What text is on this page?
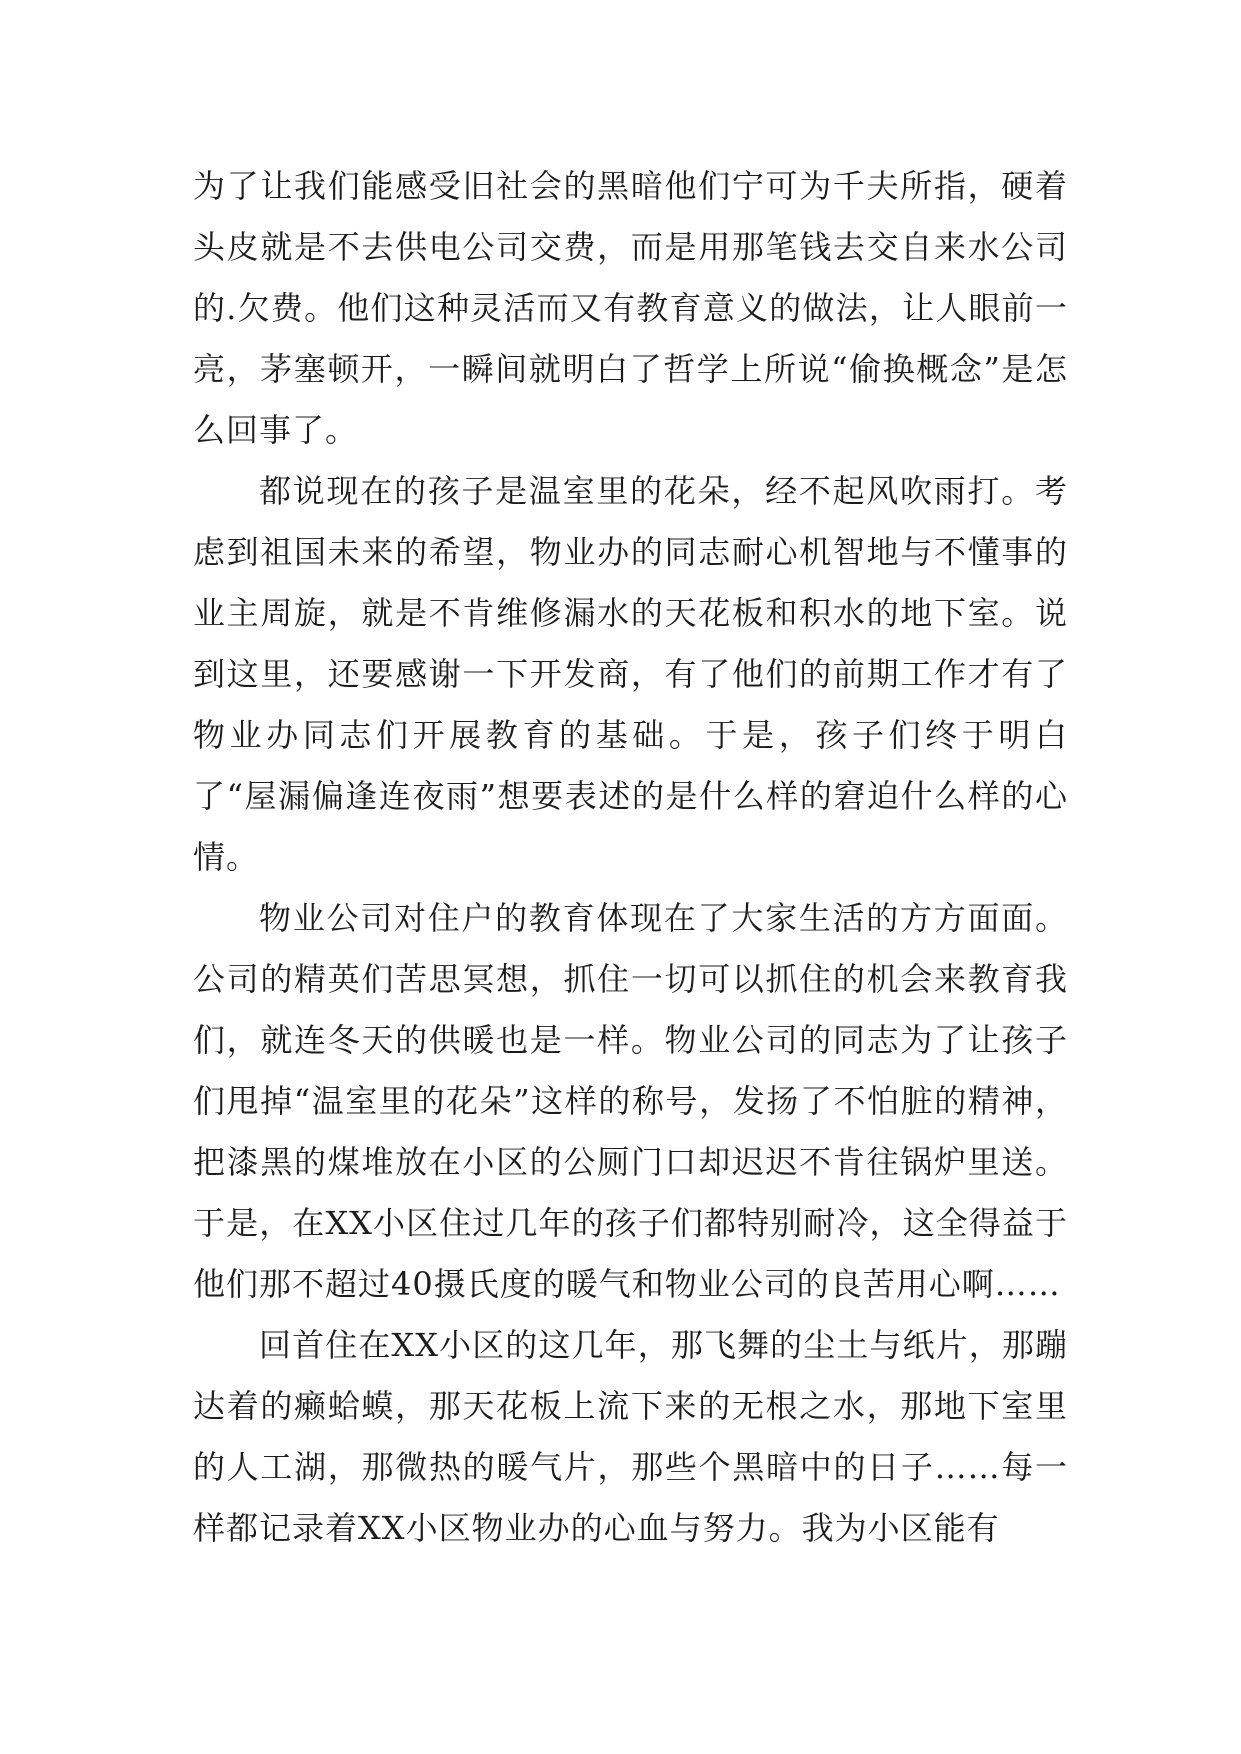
为了让我们能感受旧社会的黑暗他们宁可为千夫所指，硬着头皮就是不去供电公司交费，而是用那笔钱去交自来水公司的.欠费。他们这种灵活而又有教育意义的做法，让人眼前一亮，茅塞顿开，一瞬间就明白了哲学上所说“偷换概念”是怎么回事了。

都说现在的孩子是温室里的花朵，经不起风吹雨打。考虑到祖国未来的希望，物业办的同志耐心机智地与不懂事的业主周旋，就是不肯维修漏水的天花板和积水的地下室。说到这里，还要感谢一下开发商，有了他们的前期工作才有了物业办同志们开展教育的基础。于是，孩子们终于明白了“屋漏偏逢连夜雨”想要表述的是什么样的窘迫什么样的心情。

物业公司对住户的教育体现在了大家生活的方方面面。公司的精英们苦思冥想，抓住一切可以抓住的机会来教育我们，就连冬天的供暖也是一样。物业公司的同志为了让孩子们甩掉“温室里的花朵”这样的称号，发扬了不怕脏的精神，把漆黑的煤堆放在小区的公厕门口却迟迟不肯往锅炉里送。于是，在XX小区住过几年的孩子们都特别耐冷，这全得益于他们那不超过40摄氏度的暖气和物业公司的良苦用心啊……

回首住在XX小区的这几年，那飞舞的尘土与纸片，那蹦达着的癞蛤蟆，那天花板上流下来的无根之水，那地下室里的人工湖，那微热的暖气片，那些个黑暗中的日子……每一样都记录着XX小区物业办的心血与努力。我为小区能有
